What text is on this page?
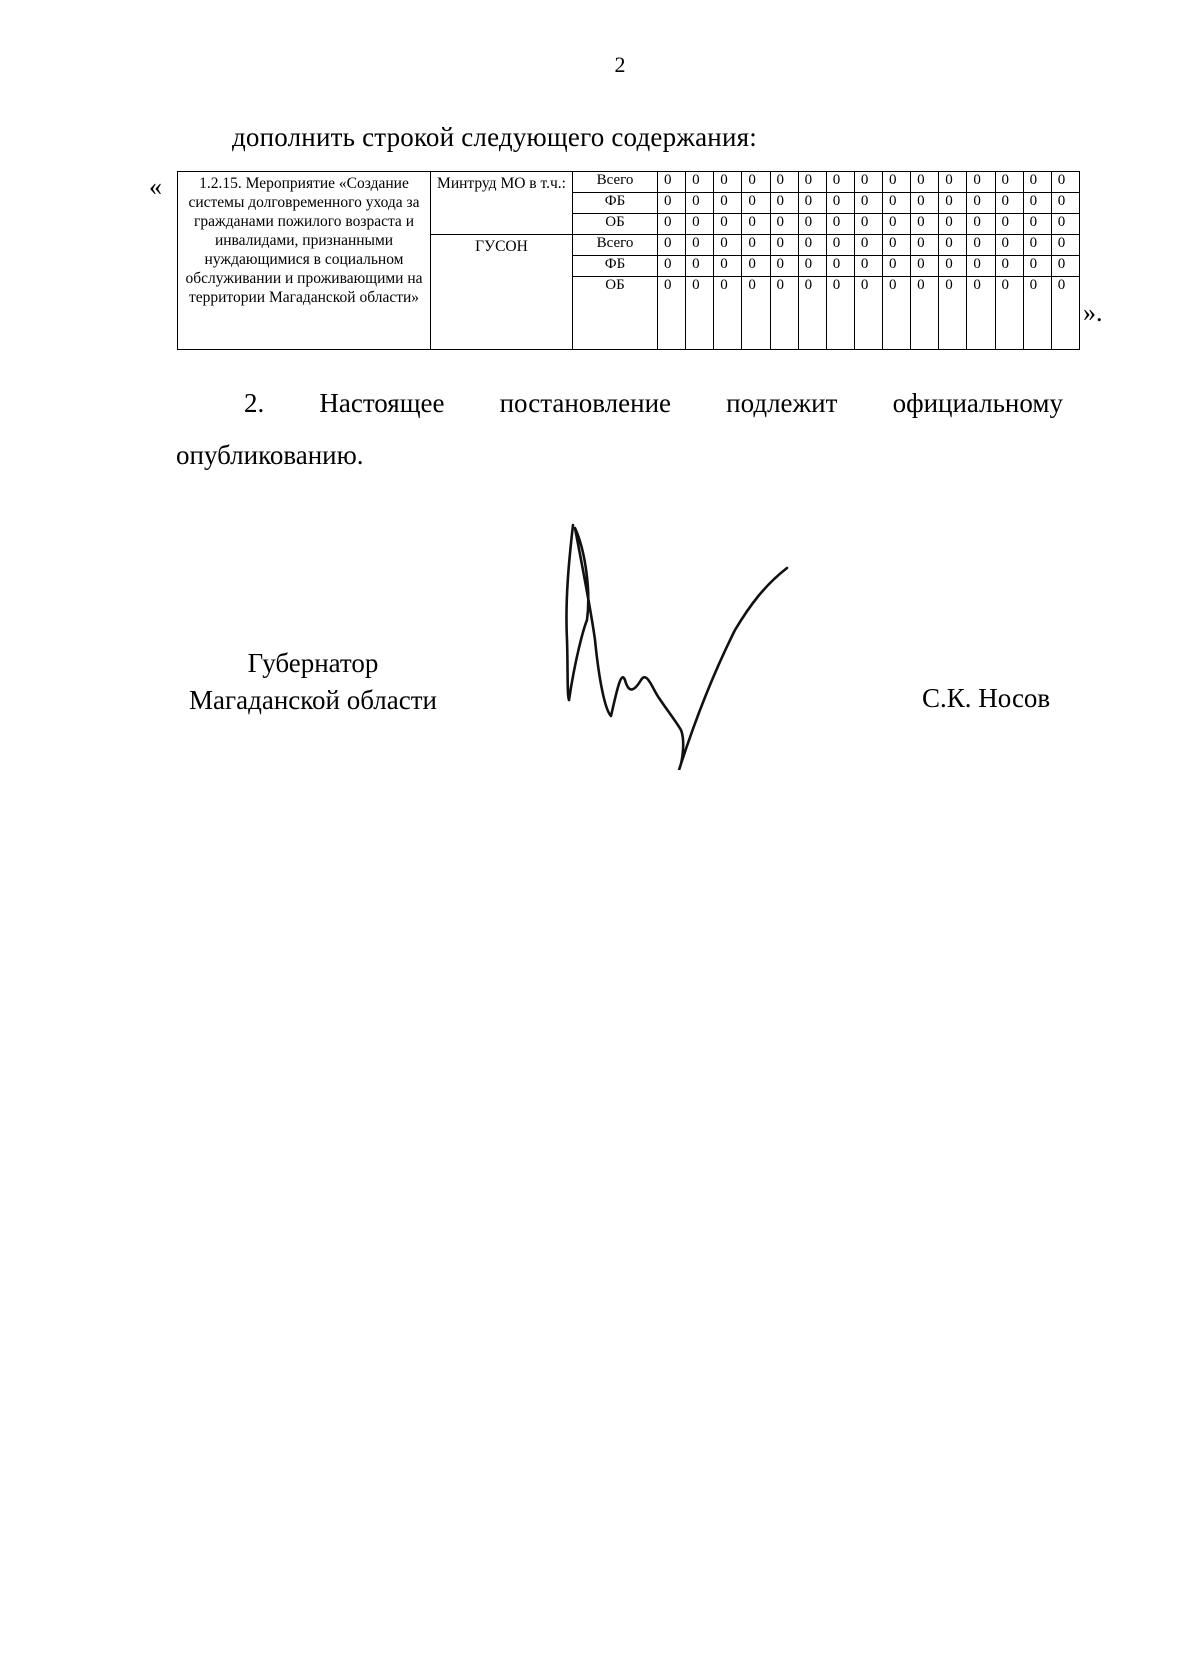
2
дополнить строкой следующего содержания:
«	1.2.15. Мероприятие «Создание системы долговременного ухода за гражданами пожилого возраста и инвалидами, признанными нуждающимися в социальном обслуживании и проживающими на территории Магаданской области»	Минтруд МО в т.ч.:	Всего	0	0	0	0	0	0	0	0	0	0	0	0	0	0	0
		ФБ	0	0	0	0	0	0	0	0	0	0	0	0	0	0	0
		ОБ	0	0	0	0	0	0	0	0	0	0	0	0	0	0	0
	ГУСОН	Всего	0	0	0	0	0	0	0	0	0	0	0	0	0	0	0
		ФБ	0	0	0	0	0	0	0	0	0	0	0	0	0	0	0
		ОБ	0	0	0	0	0	0	0	0	0	0	0	0	0	0	0
».
2. Настоящее постановление подлежит официальному
опубликованию.
Губернатор
Магаданской области	С.К. Носов
